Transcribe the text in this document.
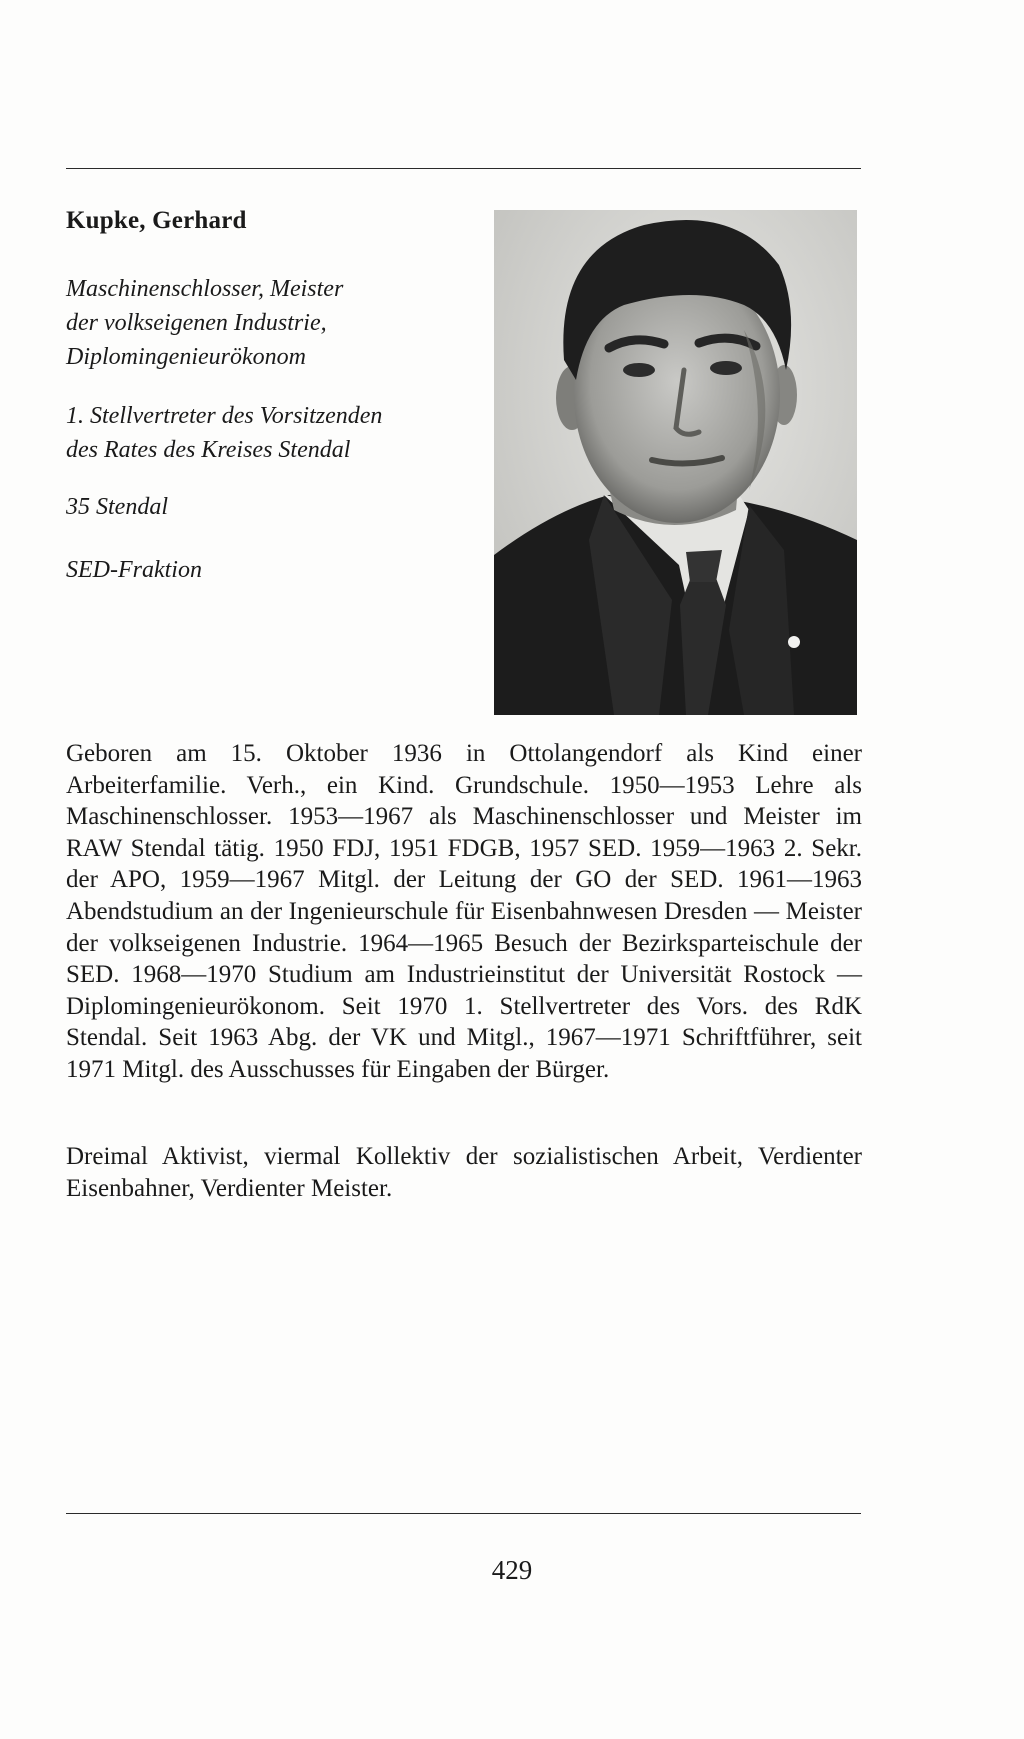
Kupke, Gerhard
Maschinenschlosser, Meister
der volkseigenen Industrie,
Diplomingenieurökonom
1. Stellvertreter des Vorsitzenden
des Rates des Kreises Stendal
35 Stendal
SED-Fraktion

Geboren am 15. Oktober 1936 in Ottolangendorf als Kind einer Arbeiterfamilie. Verh., ein Kind. Grundschule. 1950—1953 Lehre als Maschinenschlosser. 1953—1967 als Maschinenschlosser und Meister im RAW Stendal tätig. 1950 FDJ, 1951 FDGB, 1957 SED. 1959—1963 2. Sekr. der APO, 1959—1967 Mitgl. der Leitung der GO der SED. 1961—1963 Abendstudium an der Ingenieurschule für Eisenbahnwesen Dresden — Meister der volkseigenen Industrie. 1964—1965 Besuch der Bezirksparteischule der SED. 1968—1970 Studium am Industrieinstitut der Universität Rostock — Diplomingenieurökonom. Seit 1970 1. Stellvertreter des Vors. des RdK Stendal. Seit 1963 Abg. der VK und Mitgl., 1967—1971 Schriftführer, seit 1971 Mitgl. des Ausschusses für Eingaben der Bürger.

Dreimal Aktivist, viermal Kollektiv der sozialistischen Arbeit, Verdienter Eisenbahner, Verdienter Meister.

429
